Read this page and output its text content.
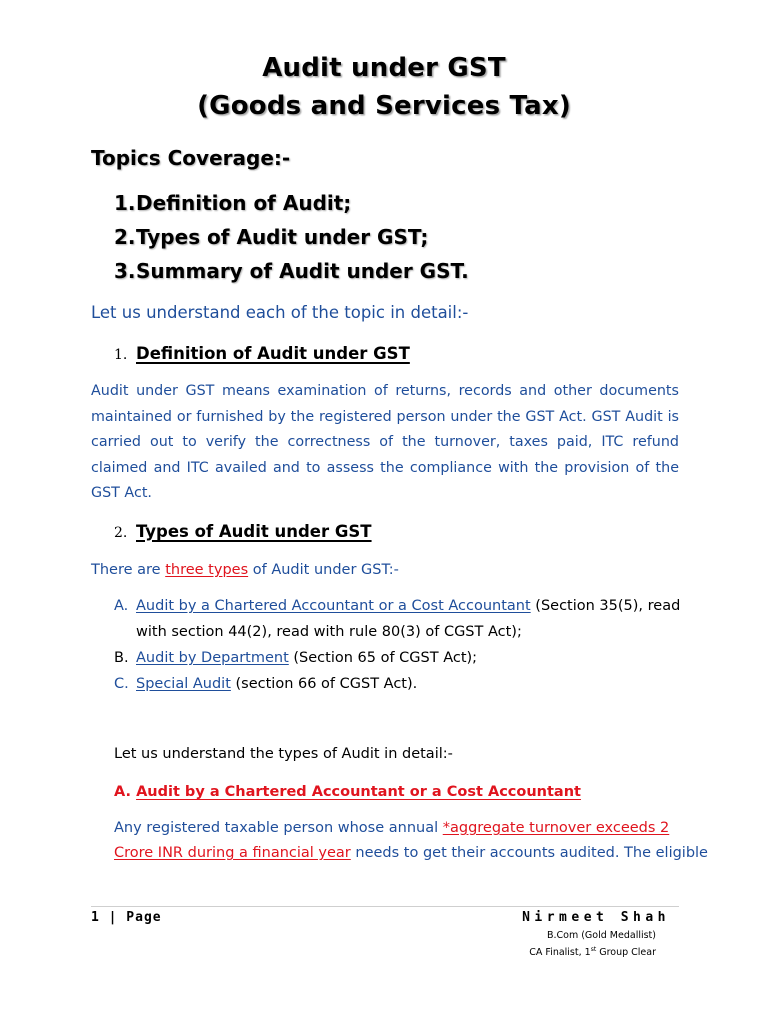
Audit under GST
(Goods and Services Tax)
Topics Coverage:-
1.Definition of Audit;
2.Types of Audit under GST;
3.Summary of Audit under GST.
Let us understand each of the topic in detail:-
1. Definition of Audit under GST
Audit under GST means examination of returns, records and other documents maintained or furnished by the registered person under the GST Act. GST Audit is carried out to verify the correctness of the turnover, taxes paid, ITC refund claimed and ITC availed and to assess the compliance with the provision of the GST Act.
2. Types of Audit under GST
There are three types of Audit under GST:-
A. Audit by a Chartered Accountant or a Cost Accountant (Section 35(5), read
with section 44(2), read with rule 80(3) of CGST Act);
B. Audit by Department (Section 65 of CGST Act);
C. Special Audit (section 66 of CGST Act).
Let us understand the types of Audit in detail:-
A. Audit by a Chartered Accountant or a Cost Accountant
Any registered taxable person whose annual *aggregate turnover exceeds 2
Crore INR during a financial year needs to get their accounts audited. The eligible
1 | Page	Nirmeet Shah
B.Com (Gold Medallist)
CA Finalist, 1st Group Clear
